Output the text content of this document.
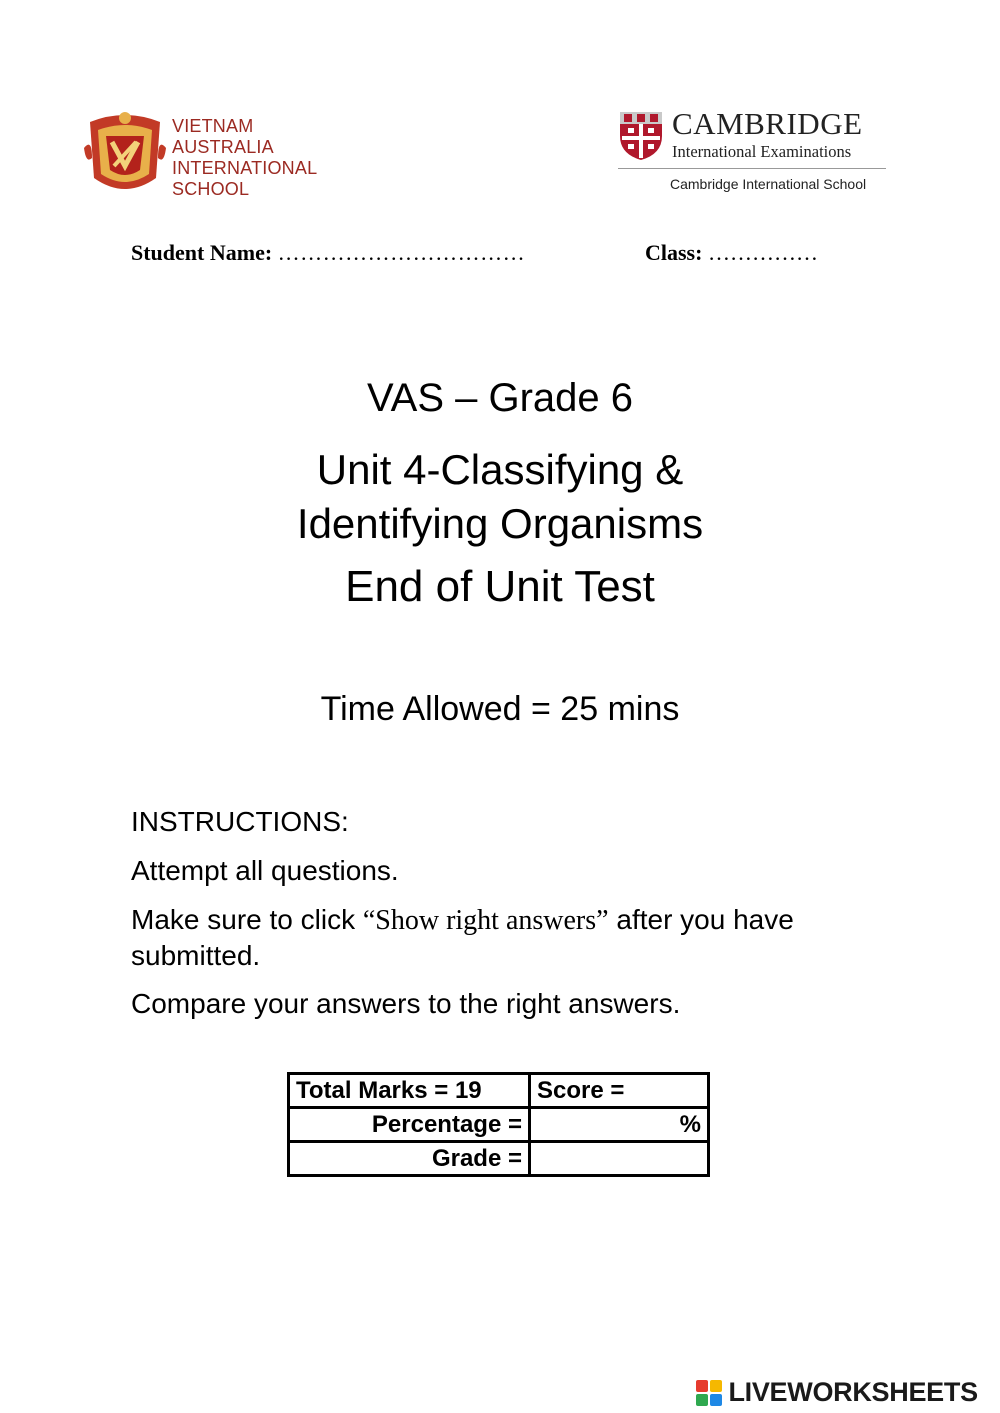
VIETNAM
AUSTRALIA
INTERNATIONAL
SCHOOL
CAMBRIDGE
International Examinations
Cambridge International School
Student Name: ……………………………	Class: ……………
VAS – Grade 6
Unit 4-Classifying &
Identifying Organisms
End of Unit Test
Time Allowed = 25 mins
INSTRUCTIONS:
Attempt all questions.
Make sure to click “Show right answers” after you have submitted.
Compare your answers to the right answers.
Total Marks = 19	Score =
Percentage =	%
Grade =	
LIVEWORKSHEETS
